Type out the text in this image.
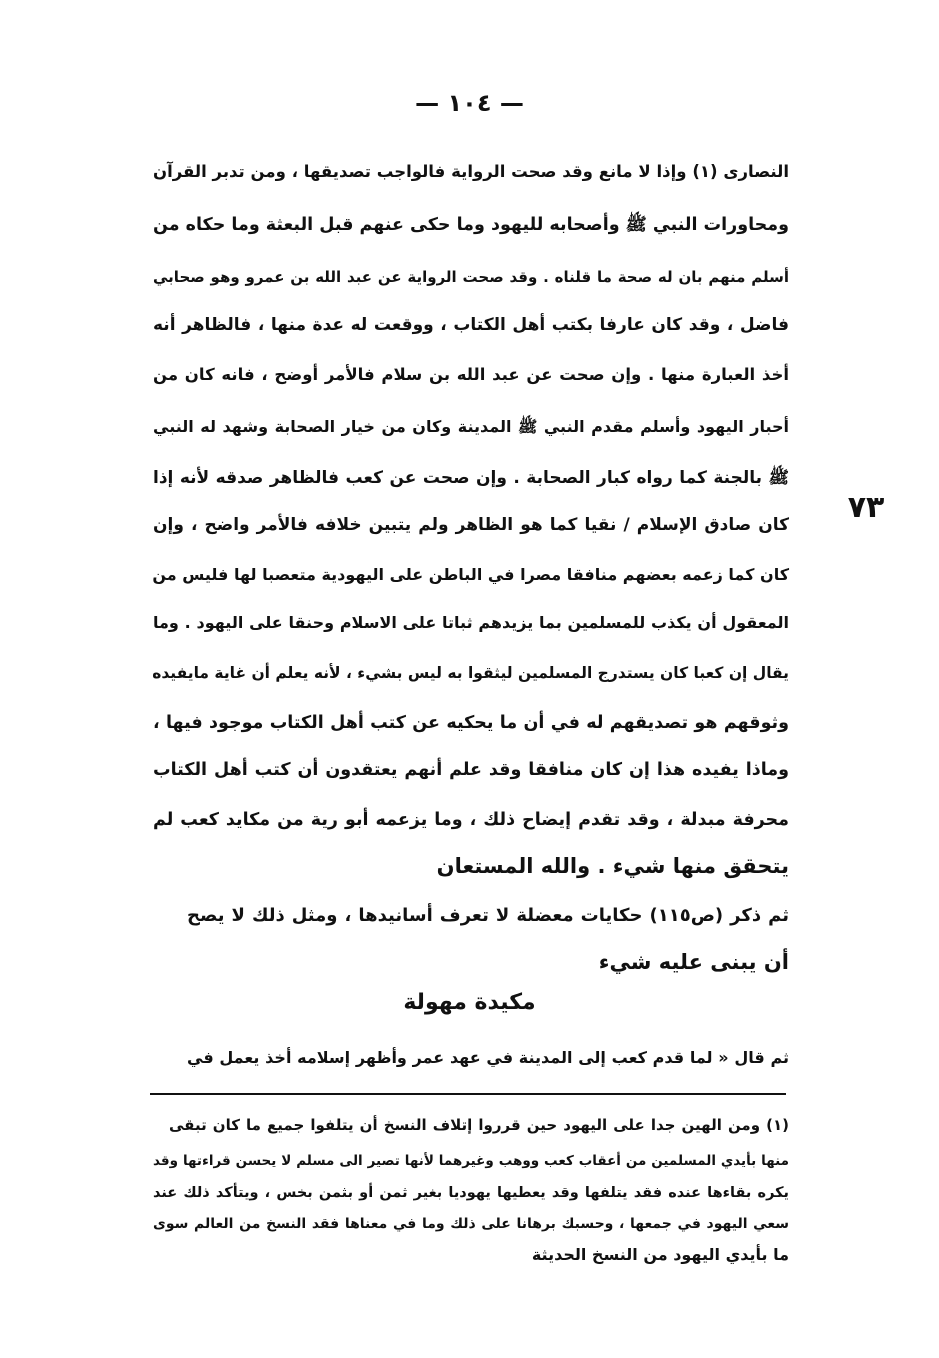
— ١٠٤ —
٧٣
النصارى (١) وإذا لا مانع وقد صحت الرواية فالواجب تصديقها ، ومن تدبر القرآن
ومحاورات النبي ﷺ وأصحابه لليهود وما حكى عنهم قبل البعثة وما حكاه من
أسلم منهم بان له صحة ما قلناه . وقد صحت الرواية عن عبد الله بن عمرو وهو صحابي
فاضل ، وقد كان عارفا بكتب أهل الكتاب ، ووقعت له عدة منها ، فالظاهر أنه
أخذ العبارة منها . وإن صحت عن عبد الله بن سلام فالأمر أوضح ، فانه كان من
أحبار اليهود وأسلم مقدم النبي ﷺ المدينة وكان من خيار الصحابة وشهد له النبي
ﷺ بالجنة كما رواه كبار الصحابة . وإن صحت عن كعب فالظاهر صدقه لأنه إذا
كان صادق الإسلام / نقيا كما هو الظاهر ولم يتبين خلافه فالأمر واضح ، وإن
كان كما زعمه بعضهم منافقا مصرا في الباطن على اليهودية متعصبا لها فليس من
المعقول أن يكذب للمسلمين بما يزيدهم ثباتا على الاسلام وحنقا على اليهود . وما
يقال إن كعبا كان يستدرج المسلمين ليثقوا به ليس بشيء ، لأنه يعلم أن غاية مايفيده
وثوقهم هو تصديقهم له في أن ما يحكيه عن كتب أهل الكتاب موجود فيها ،
وماذا يفيده هذا إن كان منافقا وقد علم أنهم يعتقدون أن كتب أهل الكتاب
محرفة مبدلة ، وقد تقدم إيضاح ذلك ، وما يزعمه أبو رية من مكايد كعب لم
يتحقق منها شيء . والله المستعان
ثم ذكر (ص١١٥) حكايات معضلة لا تعرف أسانيدها ، ومثل ذلك لا يصح
أن يبنى عليه شيء
مكيدة مهولة
ثم قال « لما قدم كعب إلى المدينة في عهد عمر وأظهر إسلامه أخذ يعمل في
(١) ومن الهين جدا على اليهود حين قرروا إتلاف النسخ أن يتلفوا جميع ما كان تبقى
منها بأيدي المسلمين من أعقاب كعب ووهب وغيرهما لأنها تصير الى مسلم لا يحسن قراءتها وقد
يكره بقاءها عنده فقد يتلفها وقد يعطيها يهوديا بغير ثمن أو بثمن بخس ، ويتأكد ذلك عند
سعي اليهود في جمعها ، وحسبك برهانا على ذلك وما في معناها فقد النسخ من العالم سوى
ما بأيدي اليهود من النسخ الحديثة
